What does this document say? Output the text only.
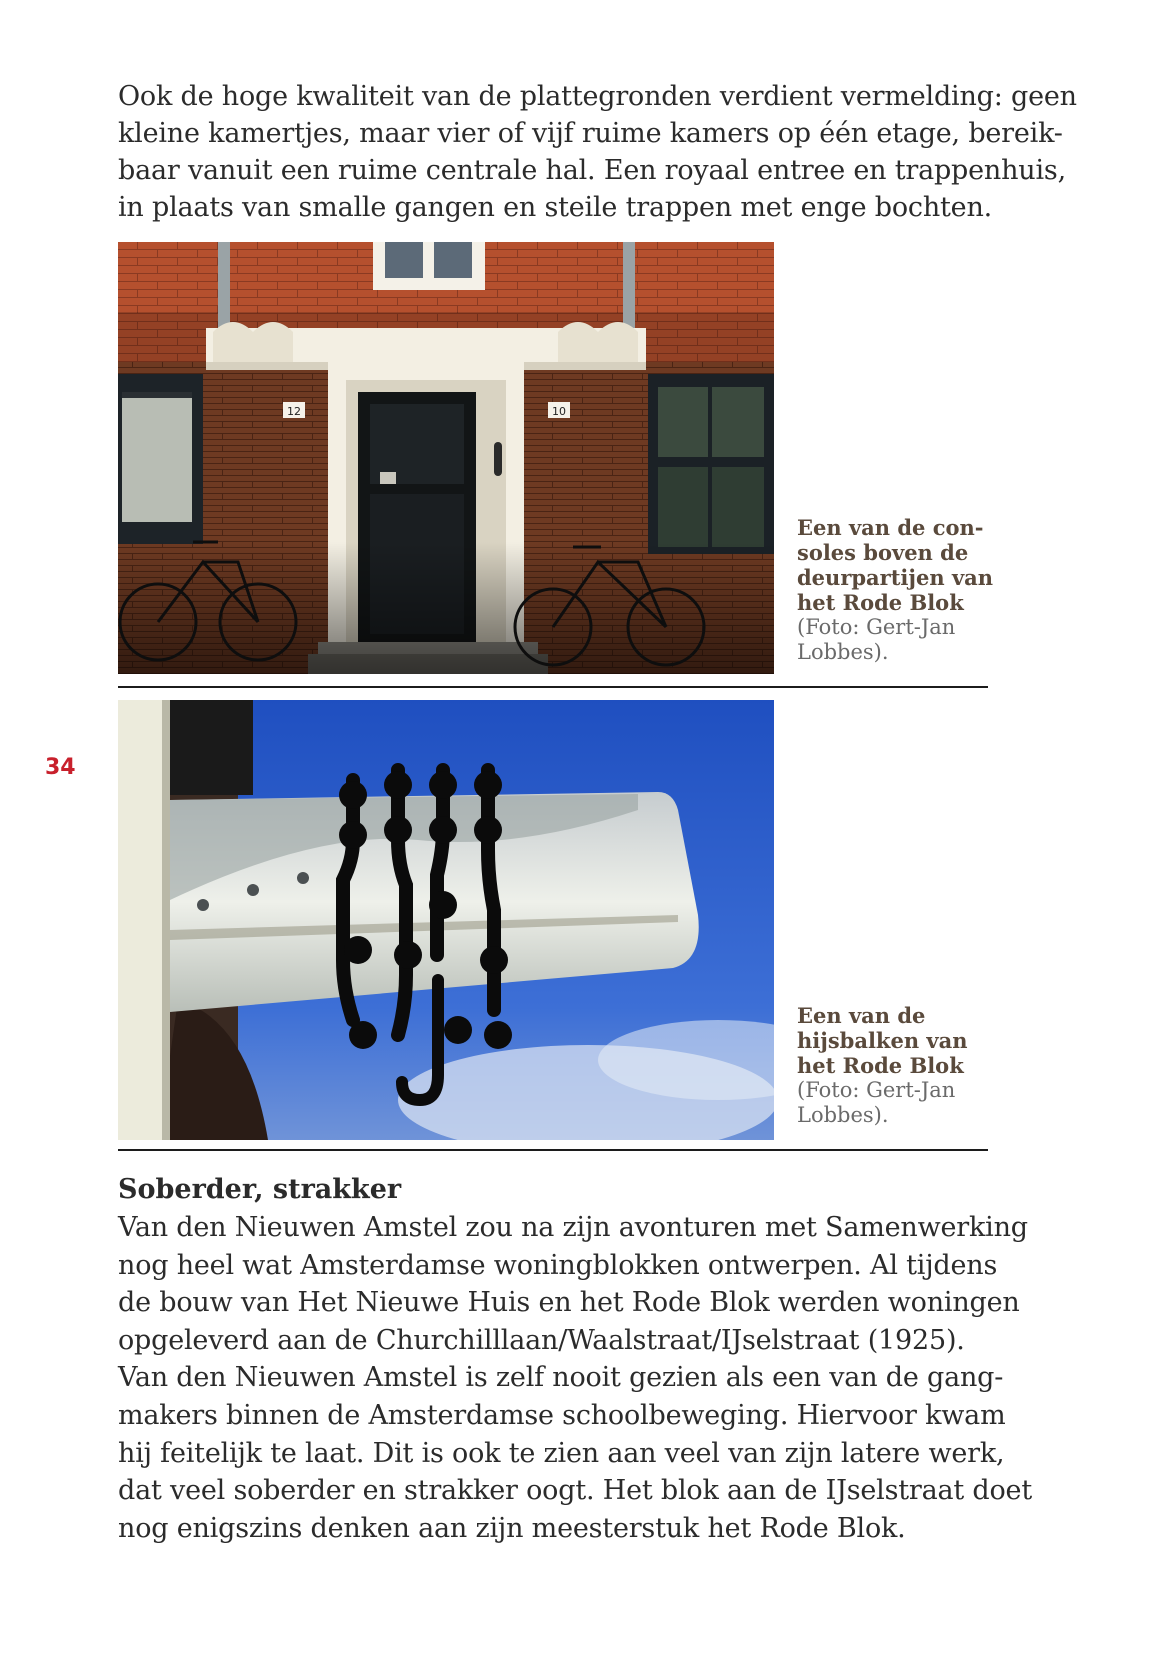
Ook de hoge kwaliteit van de plattegronden verdient vermelding: geen
kleine kamertjes, maar vier of vijf ruime kamers op één etage, bereik-
baar vanuit een ruime centrale hal. Een royaal entree en trappenhuis,
in plaats van smalle gangen en steile trappen met enge bochten.

12	10
Een van de con-
soles boven de
deurpartijen van
het Rode Blok
(Foto: Gert-Jan
Lobbes).
34
Een van de
hijsbalken van
het Rode Blok
(Foto: Gert-Jan
Lobbes).
Soberder, strakker

Van den Nieuwen Amstel zou na zijn avonturen met Samenwerking
nog heel wat Amsterdamse woningblokken ontwerpen. Al tijdens
de bouw van Het Nieuwe Huis en het Rode Blok werden woningen
opgeleverd aan de Churchilllaan/Waalstraat/IJselstraat (1925).
Van den Nieuwen Amstel is zelf nooit gezien als een van de gang-
makers binnen de Amsterdamse schoolbeweging. Hiervoor kwam
hij feitelijk te laat. Dit is ook te zien aan veel van zijn latere werk,
dat veel soberder en strakker oogt. Het blok aan de IJselstraat doet
nog enigszins denken aan zijn meesterstuk het Rode Blok.
